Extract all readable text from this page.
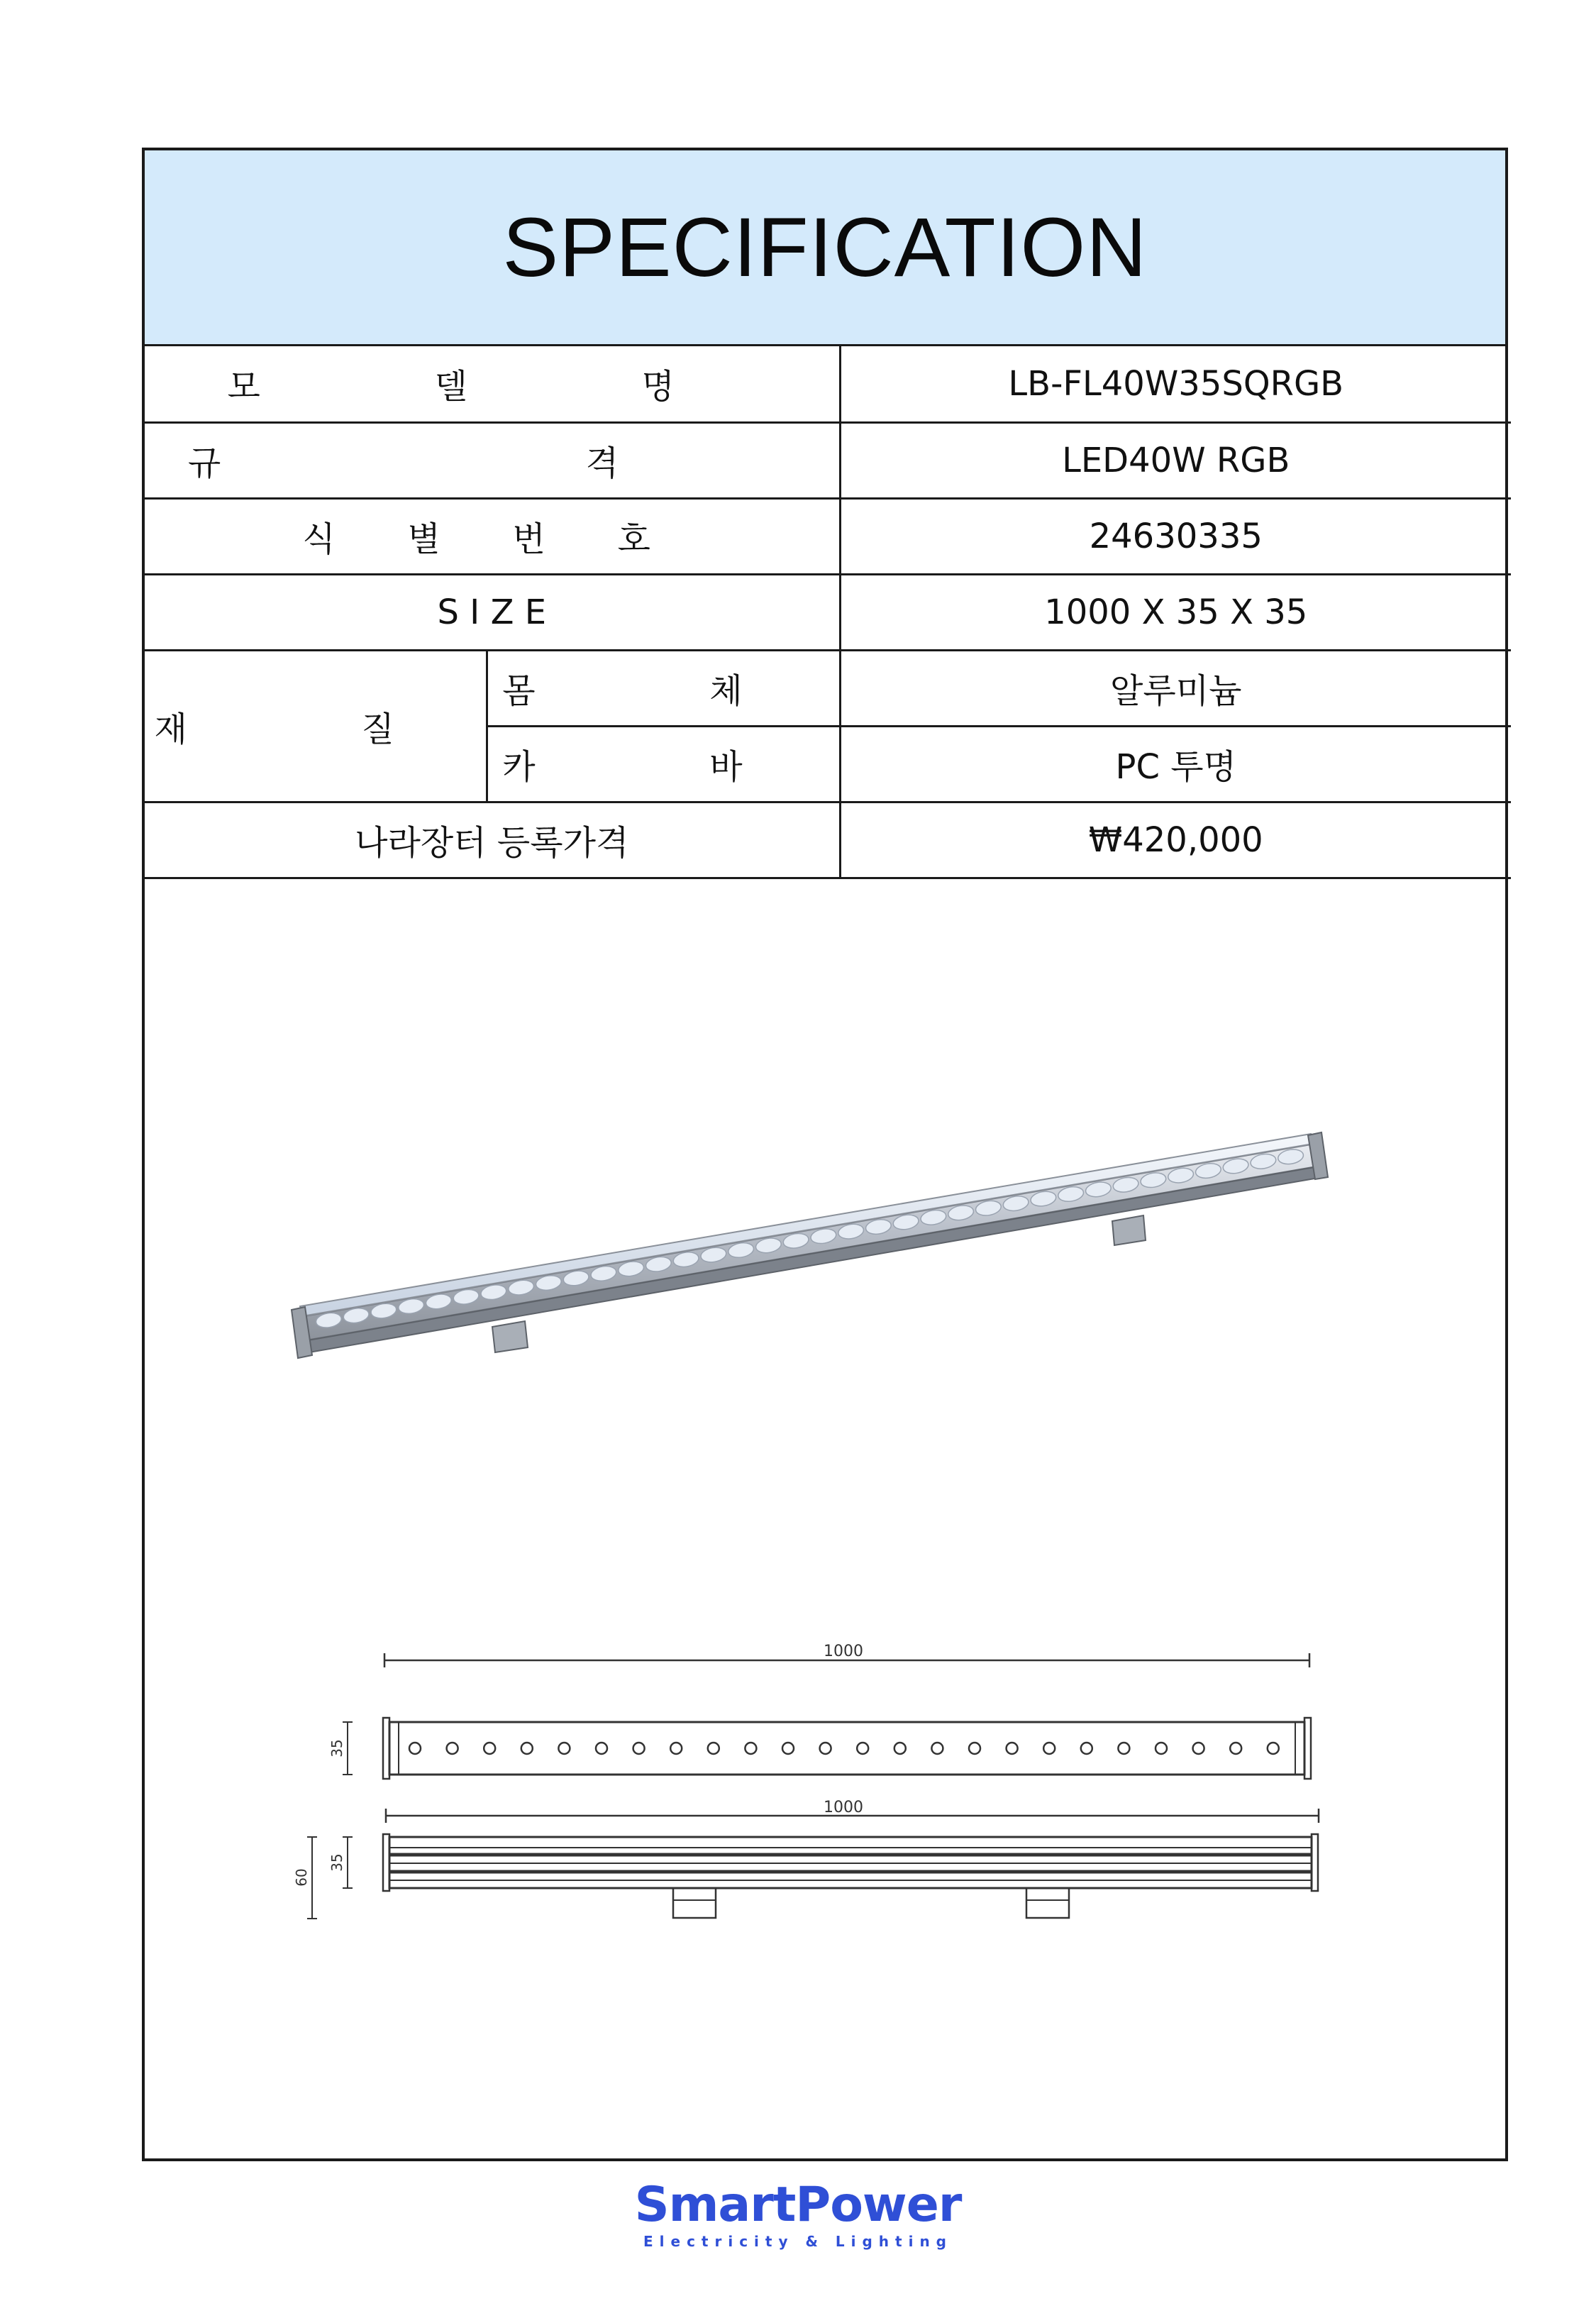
SPECIFICATION
모 델 명		LB-FL40W35SQRGB
규 격		LED40W RGB
식 별 번 호		24630335
S I Z E		1000 X 35 X 35
재 질	몸 체	알루미늄
	카 바	PC 투명
나라장터 등록가격		₩420,000
1000
1000
35
35
60
SmartPower
Electricity & Lighting
